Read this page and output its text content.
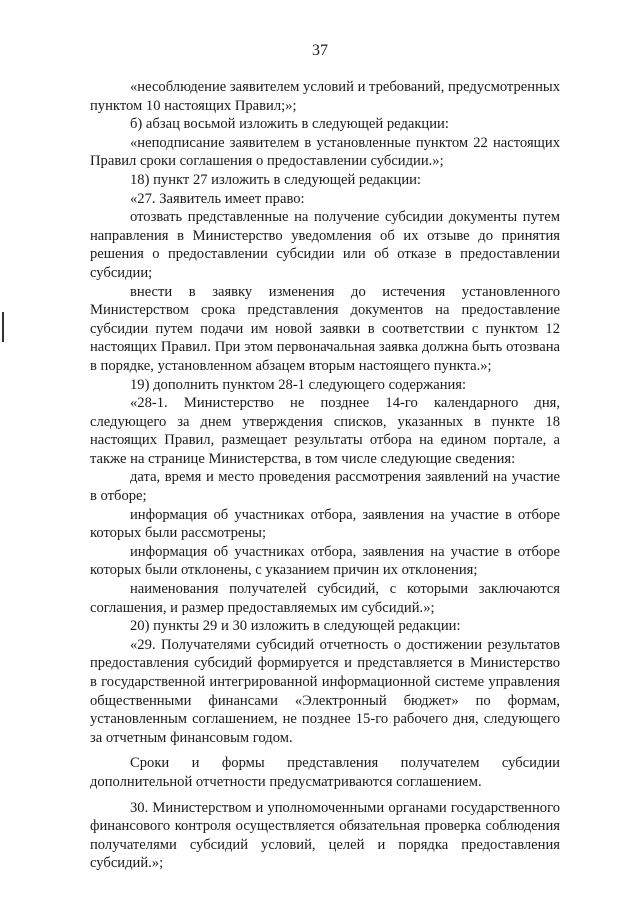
37

«несоблюдение заявителем условий и требований, предусмотренных пунктом 10 настоящих Правил;»;

б) абзац восьмой изложить в следующей редакции:

«неподписание заявителем в установленные пунктом 22 настоящих Правил сроки соглашения о предоставлении субсидии.»;

18) пункт 27 изложить в следующей редакции:

«27. Заявитель имеет право:

отозвать представленные на получение субсидии документы путем направления в Министерство уведомления об их отзыве до принятия решения о предоставлении субсидии или об отказе в предоставлении субсидии;

внести в заявку изменения до истечения установленного Министерством срока представления документов на предоставление субсидии путем подачи им новой заявки в соответствии с пунктом 12 настоящих Правил. При этом первоначальная заявка должна быть отозвана в порядке, установленном абзацем вторым настоящего пункта.»;

19) дополнить пунктом 28-1 следующего содержания:

«28-1. Министерство не позднее 14-го календарного дня, следующего за днем утверждения списков, указанных в пункте 18 настоящих Правил, размещает результаты отбора на едином портале, а также на странице Министерства, в том числе следующие сведения:

дата, время и место проведения рассмотрения заявлений на участие в отборе;

информация об участниках отбора, заявления на участие в отборе которых были рассмотрены;

информация об участниках отбора, заявления на участие в отборе которых были отклонены, с указанием причин их отклонения;

наименования получателей субсидий, с которыми заключаются соглашения, и размер предоставляемых им субсидий.»;

20) пункты 29 и 30 изложить в следующей редакции:

«29. Получателями субсидий отчетность о достижении результатов предоставления субсидий формируется и представляется в Министерство в государственной интегрированной информационной системе управления общественными финансами «Электронный бюджет» по формам, установленным соглашением, не позднее 15-го рабочего дня, следующего за отчетным финансовым годом.

Сроки и формы представления получателем субсидии дополнительной отчетности предусматриваются соглашением.

30. Министерством и уполномоченными органами государственного финансового контроля осуществляется обязательная проверка соблюдения получателями субсидий условий, целей и порядка предоставления субсидий.»;
